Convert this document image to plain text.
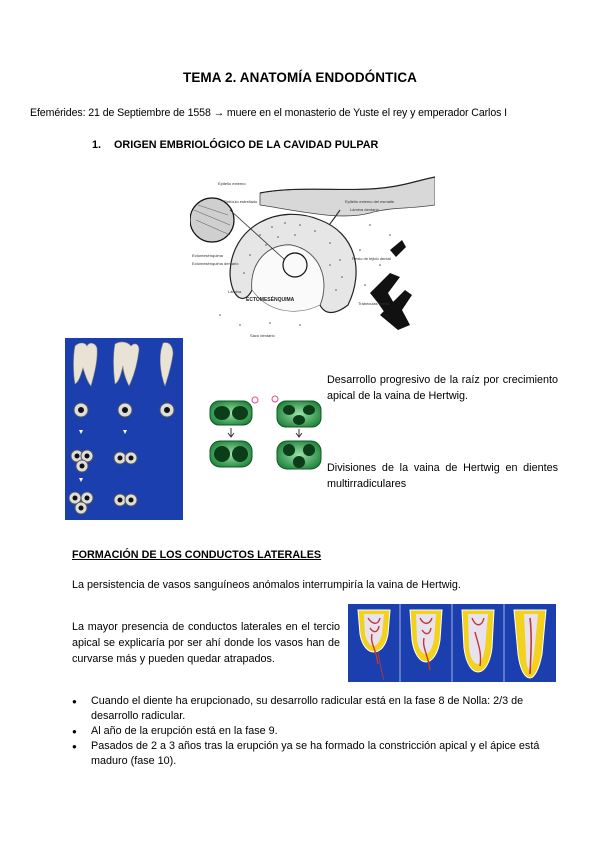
TEMA 2. ANATOMÍA ENDODÓNTICA
Efemérides: 21 de Septiembre de 1558 → muere en el monasterio de Yuste el rey y emperador Carlos I
1. ORIGEN EMBRIOLÓGICO DE LA CAVIDAD PULPAR
ECTOMESÉNQUIMA
Epitelio externo
Retículo estrellado	Epitelio externo del esmalte
Lámina dentaria
Resto de tejido dental
Ectomesénquima
Lámina
Saco dentario
Trabéculas óseas
Ectomesénquima dentario
Desarrollo progresivo de la raíz por crecimiento apical de la vaina de Hertwig.
Divisiones de la vaina de Hertwig en dientes multirradiculares
FORMACIÓN DE LOS CONDUCTOS LATERALES
La persistencia de vasos sanguíneos anómalos interrumpiría la vaina de Hertwig.
La mayor presencia de conductos laterales en el tercio apical se explicaría por ser ahí donde los vasos han de curvarse más y pueden quedar atrapados.
● Cuando el diente ha erupcionado, su desarrollo radicular está en la fase 8 de Nolla: 2/3 de desarrollo radicular.
● Al año de la erupción está en la fase 9.
● Pasados de 2 a 3 años tras la erupción ya se ha formado la constricción apical y el ápice está maduro (fase 10).
